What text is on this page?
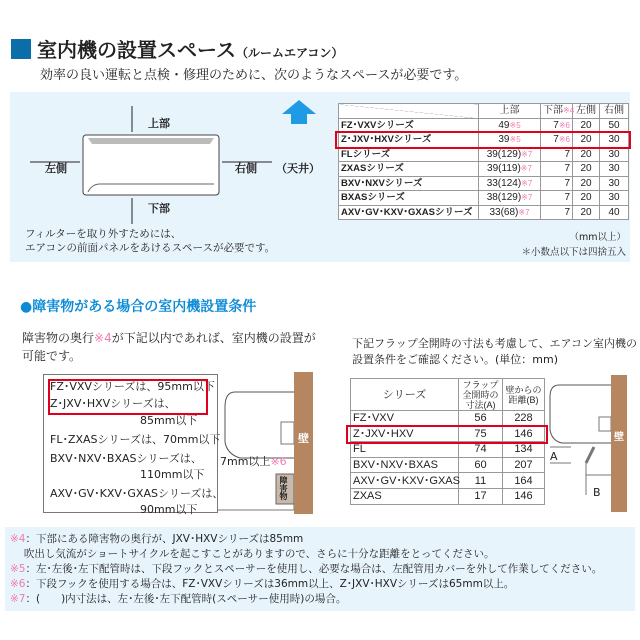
室内機の設置スペース（ルームエアコン）
効率の良い運転と点検・修理のために、次のようなスペースが必要です。
上部
下部
左側	右側 （天井）
フィルターを取り外すためには、
エアコンの前面パネルをあけるスペースが必要です。
	上部	下部※4	左側	右側
FZ･VXVシリーズ	49※5	7※6	20	50
Z･JXV･HXVシリーズ	39※5	7※6	20	30
FLシリーズ	39(129)※7	7	20	30
ZXASシリーズ	39(119)※7	7	20	30
BXV･NXVシリーズ	33(124)※7	7	20	30
BXASシリーズ	38(129)※7	7	20	30
AXV･GV･KXV･GXASシリーズ	33(68)※7	7	20	40
（mm以上）
＊小数点以下は四捨五入
●障害物がある場合の室内機設置条件
障害物の奥行※4が下記以内であれば、室内機の設置が
可能です。
FZ･VXVシリーズは、95mm以下
Z･JXV･HXVシリーズは、
85mm以下
FL･ZXASシリーズは、70mm以下
BXV･NXV･BXASシリーズは、
110mm以下
AXV･GV･KXV･GXASシリーズは、
90mm以下
壁
障害物
7mm以上※6
下記フラップ全開時の寸法も考慮して、エアコン室内機の
設置条件をご確認ください。(単位：mm)
シリーズ	フラップ全開時の寸法(A)	壁からの距離(B)
FZ･VXV	56	228
Z･JXV･HXV	75	146
FL	74	134
BXV･NXV･BXAS	60	207
AXV･GV･KXV･GXAS	11	164
ZXAS	17	146
A
B
壁
※4：下部にある障害物の奥行が、JXV･HXVシリーズは85mm
　 吹出し気流がショートサイクルを起こすことがありますので、さらに十分な距離をとってください。
※5：左･左後･左下配管時は、下段フックとスペーサーを使用し、必要な場合は、左配管用カバーを外して作業してください。
※6：下段フックを使用する場合は、FZ･VXVシリーズは36mm以上、Z･JXV･HXVシリーズは65mm以上。
※7：(　　)内寸法は、左･左後･左下配管時(スペーサー使用時)の場合。
